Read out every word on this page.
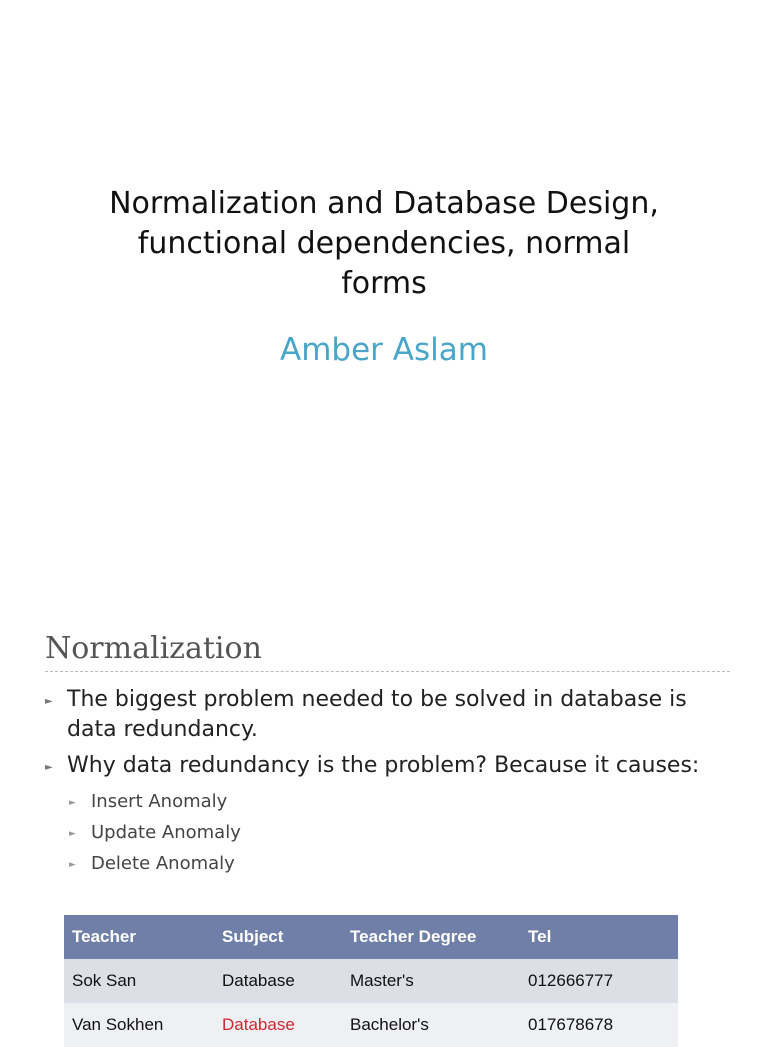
Normalization and Database Design,
functional dependencies, normal
forms
Amber Aslam
Normalization
► The biggest problem needed to be solved in database is data redundancy.
► Why data redundancy is the problem? Because it causes:
► Insert Anomaly
► Update Anomaly
► Delete Anomaly
Teacher	Subject	Teacher Degree	Tel
Sok San	Database	Master's	012666777
Van Sokhen	Database	Bachelor's	017678678
